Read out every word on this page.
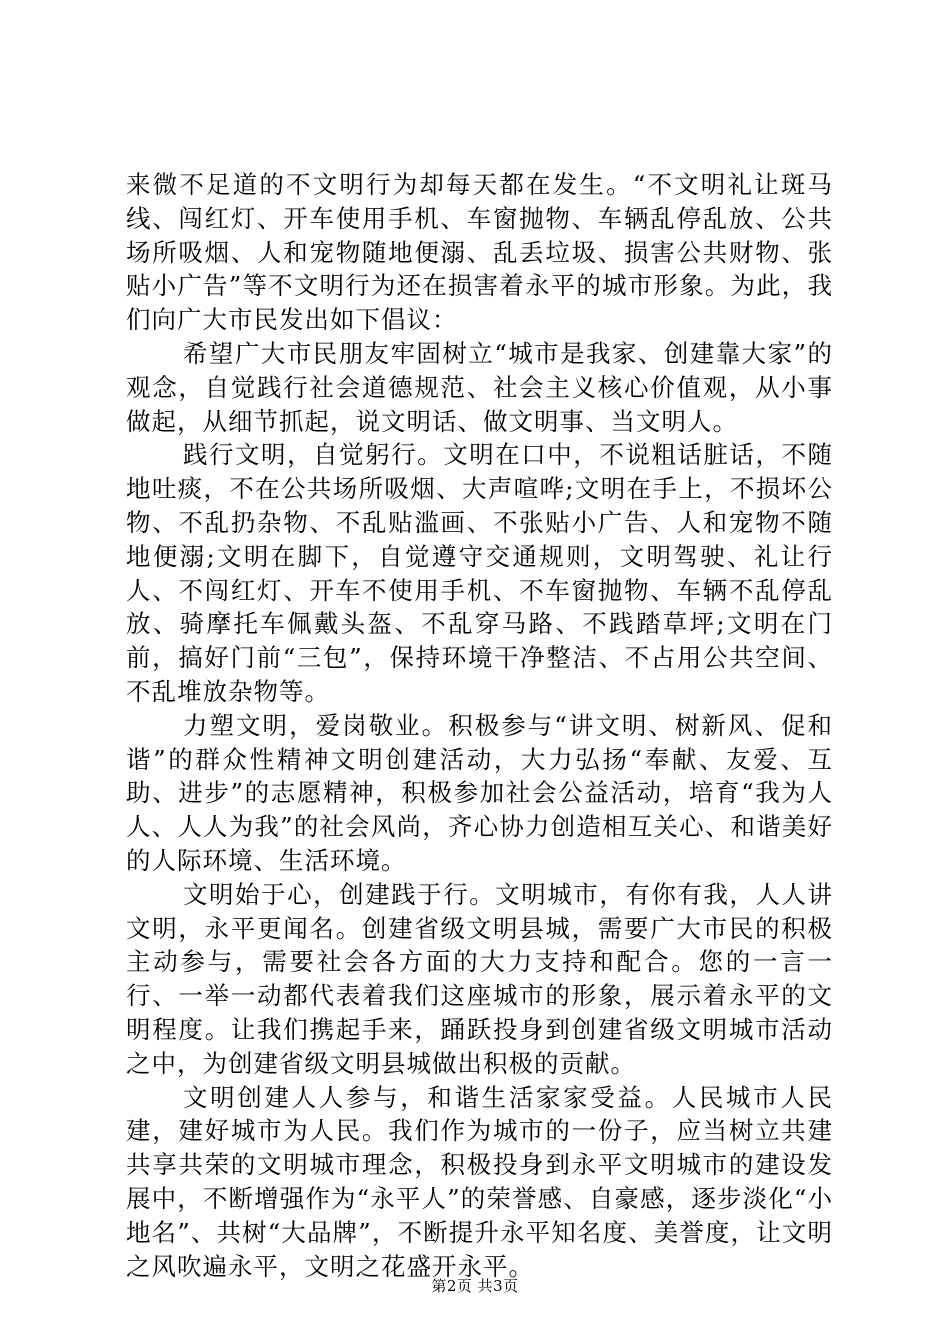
来微不足道的不文明行为却每天都在发生。“不文明礼让斑马线、闯红灯、开车使用手机、车窗抛物、车辆乱停乱放、公共场所吸烟、人和宠物随地便溺、乱丢垃圾、损害公共财物、张贴小广告”等不文明行为还在损害着永平的城市形象。为此，我们向广大市民发出如下倡议：

希望广大市民朋友牢固树立“城市是我家、创建靠大家”的观念，自觉践行社会道德规范、社会主义核心价值观，从小事做起，从细节抓起，说文明话、做文明事、当文明人。

践行文明，自觉躬行。文明在口中，不说粗话脏话，不随地吐痰，不在公共场所吸烟、大声喧哗;文明在手上，不损坏公物、不乱扔杂物、不乱贴滥画、不张贴小广告、人和宠物不随地便溺;文明在脚下，自觉遵守交通规则，文明驾驶、礼让行人、不闯红灯、开车不使用手机、不车窗抛物、车辆不乱停乱放、骑摩托车佩戴头盔、不乱穿马路、不践踏草坪;文明在门前，搞好门前“三包”，保持环境干净整洁、不占用公共空间、不乱堆放杂物等。

力塑文明，爱岗敬业。积极参与“讲文明、树新风、促和谐”的群众性精神文明创建活动，大力弘扬“奉献、友爱、互助、进步”的志愿精神，积极参加社会公益活动，培育“我为人人、人人为我”的社会风尚，齐心协力创造相互关心、和谐美好的人际环境、生活环境。

文明始于心，创建践于行。文明城市，有你有我，人人讲文明，永平更闻名。创建省级文明县城，需要广大市民的积极主动参与，需要社会各方面的大力支持和配合。您的一言一行、一举一动都代表着我们这座城市的形象，展示着永平的文明程度。让我们携起手来，踊跃投身到创建省级文明城市活动之中，为创建省级文明县城做出积极的贡献。

文明创建人人参与，和谐生活家家受益。人民城市人民建，建好城市为人民。我们作为城市的一份子，应当树立共建共享共荣的文明城市理念，积极投身到永平文明城市的建设发展中，不断增强作为“永平人”的荣誉感、自豪感，逐步淡化“小地名”、共树“大品牌”，不断提升永平知名度、美誉度，让文明之风吹遍永平，文明之花盛开永平。

第2页 共3页
